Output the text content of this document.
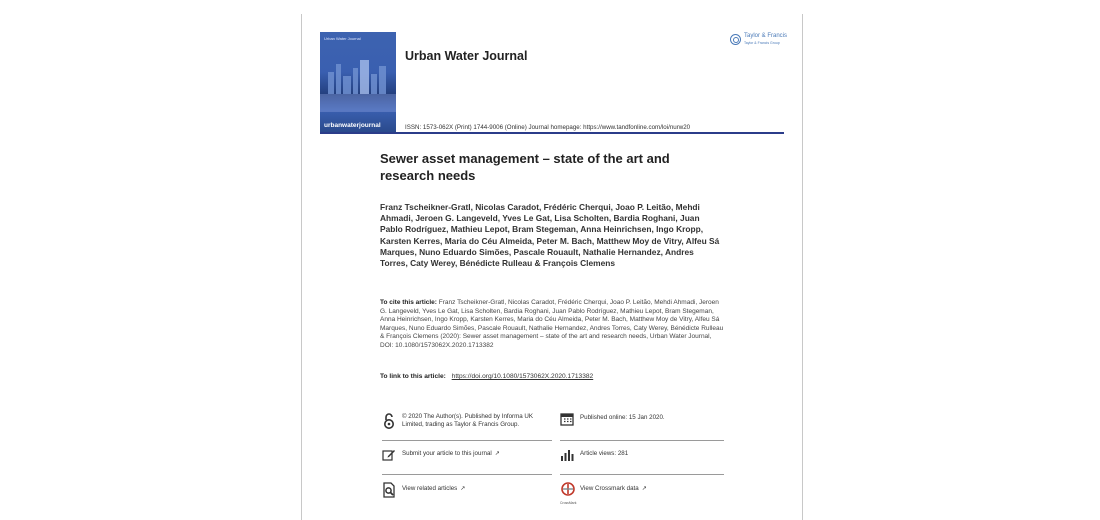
Urban Water Journal
urbanwaterjournal
Urban Water Journal
Taylor & Francis
Taylor & Francis Group
ISSN: 1573-062X (Print) 1744-9006 (Online) Journal homepage: https://www.tandfonline.com/loi/nurw20
Sewer asset management – state of the art and research needs
Franz Tscheikner-Gratl, Nicolas Caradot, Frédéric Cherqui, Joao P. Leitão, Mehdi Ahmadi, Jeroen G. Langeveld, Yves Le Gat, Lisa Scholten, Bardia Roghani, Juan Pablo Rodríguez, Mathieu Lepot, Bram Stegeman, Anna Heinrichsen, Ingo Kropp, Karsten Kerres, Maria do Céu Almeida, Peter M. Bach, Matthew Moy de Vitry, Alfeu Sá Marques, Nuno Eduardo Simões, Pascale Rouault, Nathalie Hernandez, Andres Torres, Caty Werey, Bénédicte Rulleau & François Clemens
To cite this article: Franz Tscheikner-Gratl, Nicolas Caradot, Frédéric Cherqui, Joao P. Leitão, Mehdi Ahmadi, Jeroen G. Langeveld, Yves Le Gat, Lisa Scholten, Bardia Roghani, Juan Pablo Rodríguez, Mathieu Lepot, Bram Stegeman, Anna Heinrichsen, Ingo Kropp, Karsten Kerres, Maria do Céu Almeida, Peter M. Bach, Matthew Moy de Vitry, Alfeu Sá Marques, Nuno Eduardo Simões, Pascale Rouault, Nathalie Hernandez, Andres Torres, Caty Werey, Bénédicte Rulleau & François Clemens (2020): Sewer asset management – state of the art and research needs, Urban Water Journal, DOI: 10.1080/1573062X.2020.1713382
To link to this article: https://doi.org/10.1080/1573062X.2020.1713382
© 2020 The Author(s). Published by Informa UK Limited, trading as Taylor & Francis Group.
Published online: 15 Jan 2020.
Submit your article to this journal ↗	Article views: 281
View related articles ↗	View Crossmark data ↗
CrossMark
